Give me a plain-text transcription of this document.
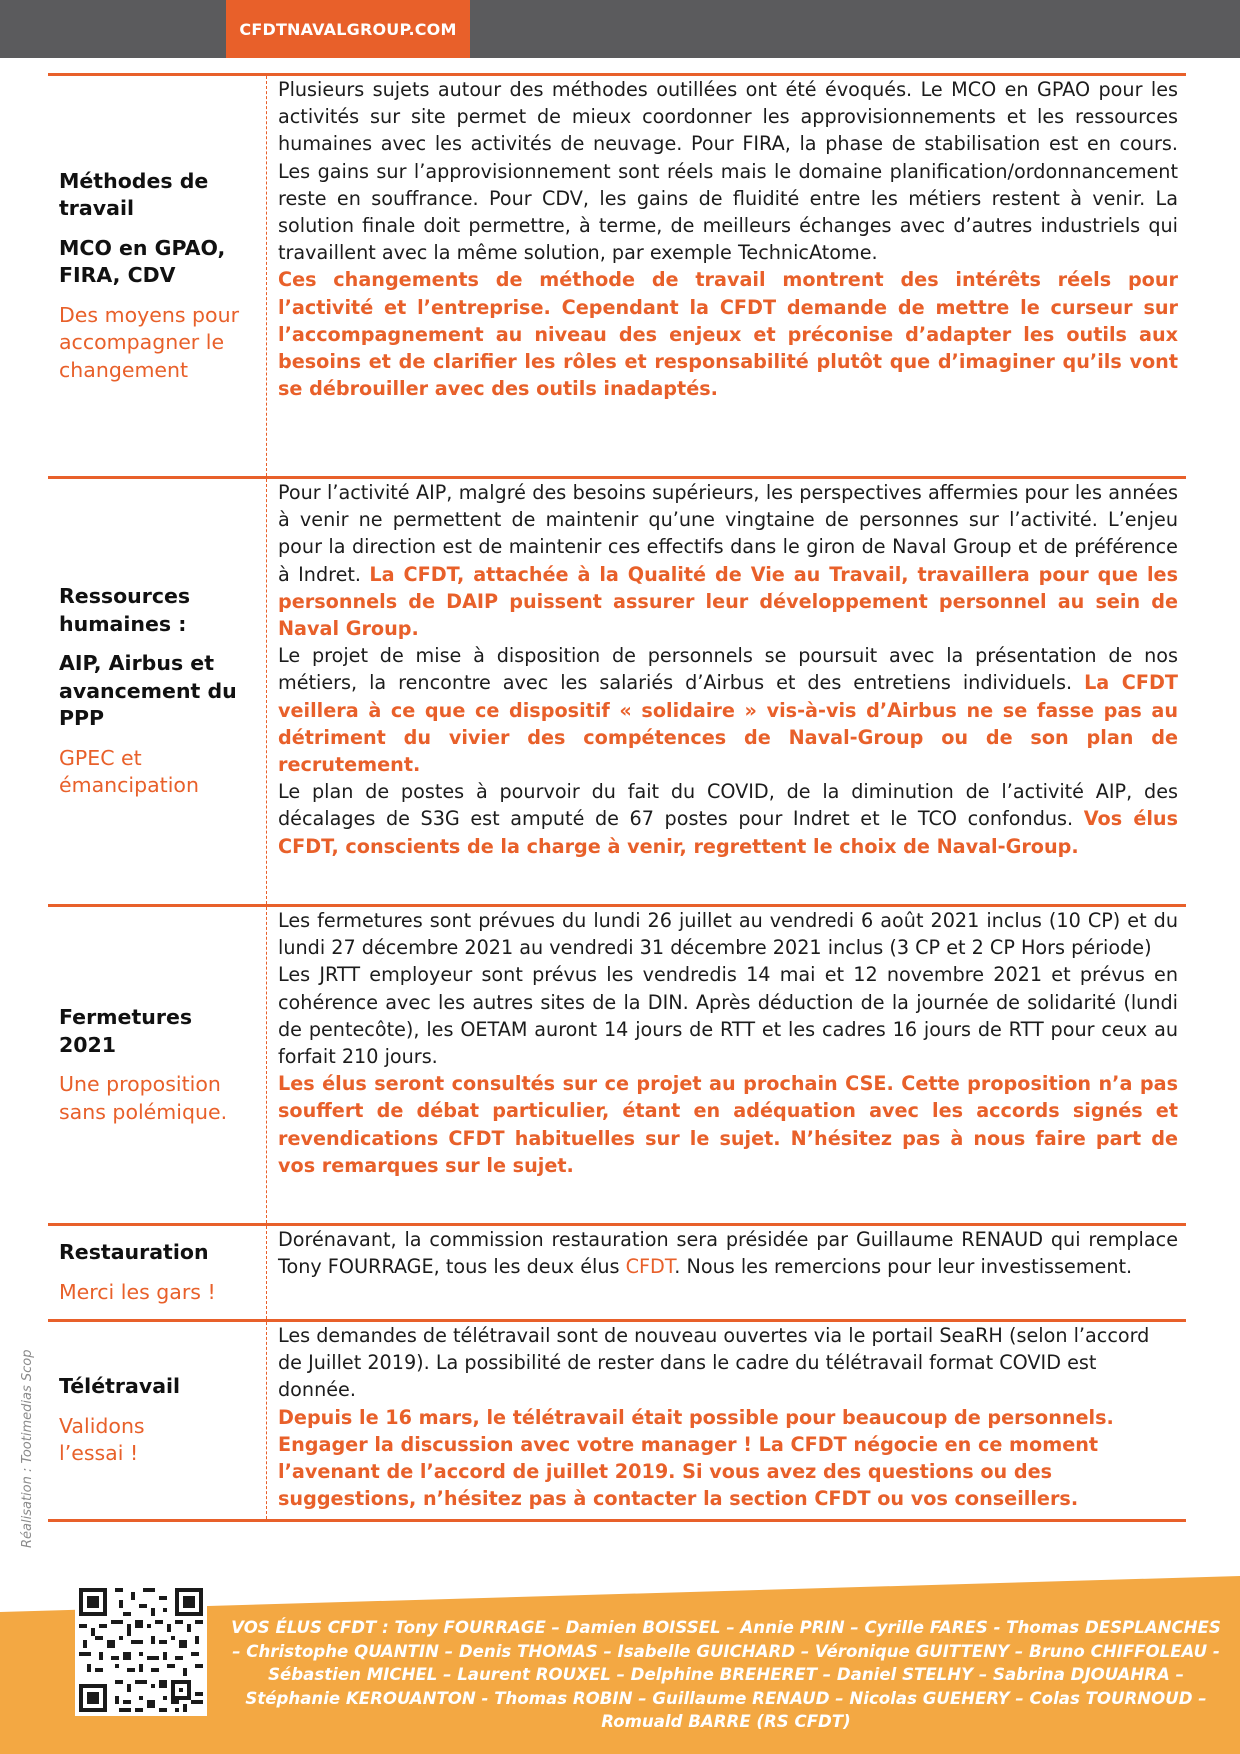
CFDTNAVALGROUP.COM
Méthodes de travail
MCO en GPAO, FIRA, CDV
Des moyens pour accompagner le changement

Plusieurs sujets autour des méthodes outillées ont été évoqués. Le MCO en GPAO pour les activités sur site permet de mieux coordonner les approvisionnements et les ressources humaines avec les activités de neuvage. Pour FIRA, la phase de stabilisation est en cours. Les gains sur l’approvisionnement sont réels mais le domaine planification/ordonnancement reste en souffrance. Pour CDV, les gains de fluidité entre les métiers restent à venir. La solution finale doit permettre, à terme, de meilleurs échanges avec d’autres industriels qui travaillent avec la même solution, par exemple TechnicAtome.

Ces changements de méthode de travail montrent des intérêts réels pour l’activité et l’entreprise. Cependant la CFDT demande de mettre le curseur sur l’accompagnement au niveau des enjeux et préconise d’adapter les outils aux besoins et de clarifier les rôles et responsabilité plutôt que d’imaginer qu’ils vont se débrouiller avec des outils inadaptés.

Ressources humaines :
AIP, Airbus et avancement du PPP
GPEC et émancipation

Pour l’activité AIP, malgré des besoins supérieurs, les perspectives affermies pour les années à venir ne permettent de maintenir qu’une vingtaine de personnes sur l’activité. L’enjeu pour la direction est de maintenir ces effectifs dans le giron de Naval Group et de préférence à Indret. La CFDT, attachée à la Qualité de Vie au Travail, travaillera pour que les personnels de DAIP puissent assurer leur développement personnel au sein de Naval Group.

Le projet de mise à disposition de personnels se poursuit avec la présentation de nos métiers, la rencontre avec les salariés d’Airbus et des entretiens individuels. La CFDT veillera à ce que ce dispositif « solidaire » vis-à-vis d’Airbus ne se fasse pas au détriment du vivier des compétences de Naval-Group ou de son plan de recrutement.

Le plan de postes à pourvoir du fait du COVID, de la diminution de l’activité AIP, des décalages de S3G est amputé de 67 postes pour Indret et le TCO confondus. Vos élus CFDT, conscients de la charge à venir, regrettent le choix de Naval-Group.

Fermetures 2021
Une proposition sans polémique.

Les fermetures sont prévues du lundi 26 juillet au vendredi 6 août 2021 inclus (10 CP) et du lundi 27 décembre 2021 au vendredi 31 décembre 2021 inclus (3 CP et 2 CP Hors période)

Les JRTT employeur sont prévus les vendredis 14 mai et 12 novembre 2021 et prévus en cohérence avec les autres sites de la DIN. Après déduction de la journée de solidarité (lundi de pentecôte), les OETAM auront 14 jours de RTT et les cadres 16 jours de RTT pour ceux au forfait 210 jours.

Les élus seront consultés sur ce projet au prochain CSE. Cette proposition n’a pas souffert de débat particulier, étant en adéquation avec les accords signés et revendications CFDT habituelles sur le sujet. N’hésitez pas à nous faire part de vos remarques sur le sujet.

Restauration
Merci les gars !

Dorénavant, la commission restauration sera présidée par Guillaume RENAUD qui remplace Tony FOURRAGE, tous les deux élus CFDT. Nous les remercions pour leur investissement.

Télétravail
Validons l’essai !

Les demandes de télétravail sont de nouveau ouvertes via le portail SeaRH (selon l’accord de Juillet 2019). La possibilité de rester dans le cadre du télétravail format COVID est donnée.

Depuis le 16 mars, le télétravail était possible pour beaucoup de personnels. Engager la discussion avec votre manager ! La CFDT négocie en ce moment l’avenant de l’accord de juillet 2019. Si vous avez des questions ou des suggestions, n’hésitez pas à contacter la section CFDT ou vos conseillers.

Réalisation : Tootimedias Scop
VOS ÉLUS CFDT : Tony FOURRAGE – Damien BOISSEL – Annie PRIN – Cyrille FARES - Thomas DESPLANCHES – Christophe QUANTIN – Denis THOMAS – Isabelle GUICHARD – Véronique GUITTENY – Bruno CHIFFOLEAU - Sébastien MICHEL – Laurent ROUXEL – Delphine BREHERET – Daniel STELHY – Sabrina DJOUAHRA – Stéphanie KEROUANTON - Thomas ROBIN – Guillaume RENAUD – Nicolas GUEHERY – Colas TOURNOUD – Romuald BARRE (RS CFDT)
